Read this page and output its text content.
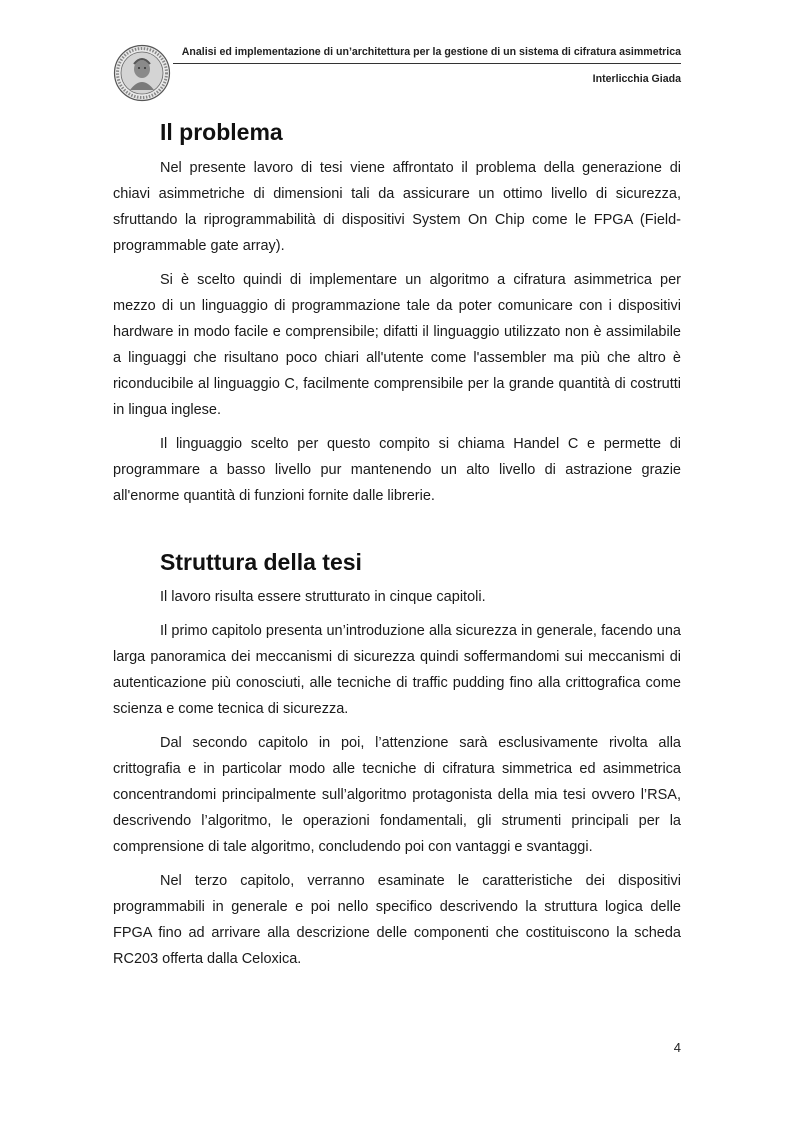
Analisi ed implementazione di un’architettura per la gestione di un sistema di cifratura asimmetrica
Interlicchia Giada
Il problema

Nel presente lavoro di tesi viene affrontato il problema della generazione di chiavi asimmetriche di dimensioni tali da assicurare un ottimo livello di sicurezza, sfruttando la riprogrammabilità di dispositivi System On Chip come le FPGA (Field-programmable gate array).

Si è scelto quindi di implementare un algoritmo a cifratura asimmetrica per mezzo di un linguaggio di programmazione tale da poter comunicare con i dispositivi hardware in modo facile e comprensibile; difatti il linguaggio utilizzato non è assimilabile a linguaggi che risultano poco chiari all'utente come l'assembler ma più che altro è riconducibile al linguaggio C, facilmente comprensibile per la grande quantità di costrutti in lingua inglese.

Il linguaggio scelto per questo compito si chiama Handel C e permette di programmare a basso livello pur mantenendo un alto livello di astrazione grazie all'enorme quantità di funzioni fornite dalle librerie.

Struttura della tesi

Il lavoro risulta essere strutturato in cinque capitoli.

Il primo capitolo presenta un’introduzione alla sicurezza in generale, facendo una larga panoramica dei meccanismi di sicurezza quindi soffermandomi sui meccanismi di autenticazione più conosciuti, alle tecniche di traffic pudding fino alla crittografica come scienza e come tecnica di sicurezza.

Dal secondo capitolo in poi, l’attenzione sarà esclusivamente rivolta alla crittografia e in particolar modo alle tecniche di cifratura simmetrica ed asimmetrica concentrandomi principalmente sull’algoritmo protagonista della mia tesi ovvero l’RSA, descrivendo l’algoritmo, le operazioni fondamentali, gli strumenti principali per la comprensione di tale algoritmo, concludendo poi con vantaggi e svantaggi.

Nel terzo capitolo, verranno esaminate le caratteristiche dei dispositivi programmabili in generale e poi nello specifico descrivendo la struttura logica delle FPGA fino ad arrivare alla descrizione delle componenti che costituiscono la scheda RC203 offerta dalla Celoxica.

4
